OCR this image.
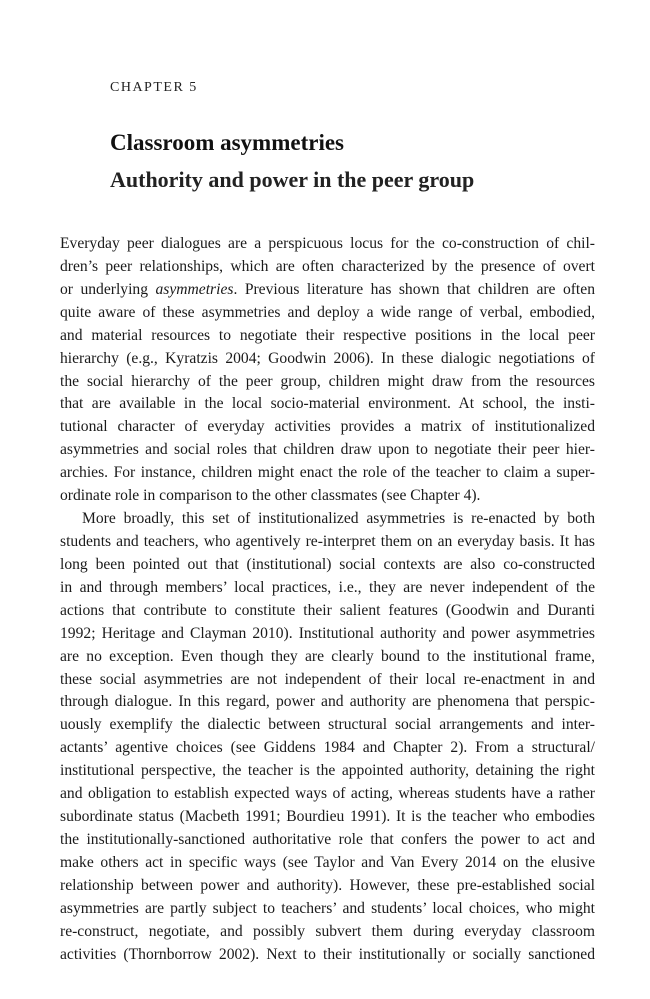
CHAPTER 5
Classroom asymmetries
Authority and power in the peer group
Everyday peer dialogues are a perspicuous locus for the co-construction of chil-
dren’s peer relationships, which are often characterized by the presence of overt
or underlying asymmetries. Previous literature has shown that children are often
quite aware of these asymmetries and deploy a wide range of verbal, embodied,
and material resources to negotiate their respective positions in the local peer
hierarchy (e.g., Kyratzis 2004; Goodwin 2006). In these dialogic negotiations of
the social hierarchy of the peer group, children might draw from the resources
that are available in the local socio-material environment. At school, the insti-
tutional character of everyday activities provides a matrix of institutionalized
asymmetries and social roles that children draw upon to negotiate their peer hier-
archies. For instance, children might enact the role of the teacher to claim a super-
ordinate role in comparison to the other classmates (see Chapter 4).
More broadly, this set of institutionalized asymmetries is re-enacted by both
students and teachers, who agentively re-interpret them on an everyday basis. It has
long been pointed out that (institutional) social contexts are also co-constructed
in and through members’ local practices, i.e., they are never independent of the
actions that contribute to constitute their salient features (Goodwin and Duranti
1992; Heritage and Clayman 2010). Institutional authority and power asymmetries
are no exception. Even though they are clearly bound to the institutional frame,
these social asymmetries are not independent of their local re-enactment in and
through dialogue. In this regard, power and authority are phenomena that perspic-
uously exemplify the dialectic between structural social arrangements and inter-
actants’ agentive choices (see Giddens 1984 and Chapter 2). From a structural/
institutional perspective, the teacher is the appointed authority, detaining the right
and obligation to establish expected ways of acting, whereas students have a rather
subordinate status (Macbeth 1991; Bourdieu 1991). It is the teacher who embodies
the institutionally-sanctioned authoritative role that confers the power to act and
make others act in specific ways (see Taylor and Van Every 2014 on the elusive
relationship between power and authority). However, these pre-established social
asymmetries are partly subject to teachers’ and students’ local choices, who might
re-construct, negotiate, and possibly subvert them during everyday classroom
activities (Thornborrow 2002). Next to their institutionally or socially sanctioned
